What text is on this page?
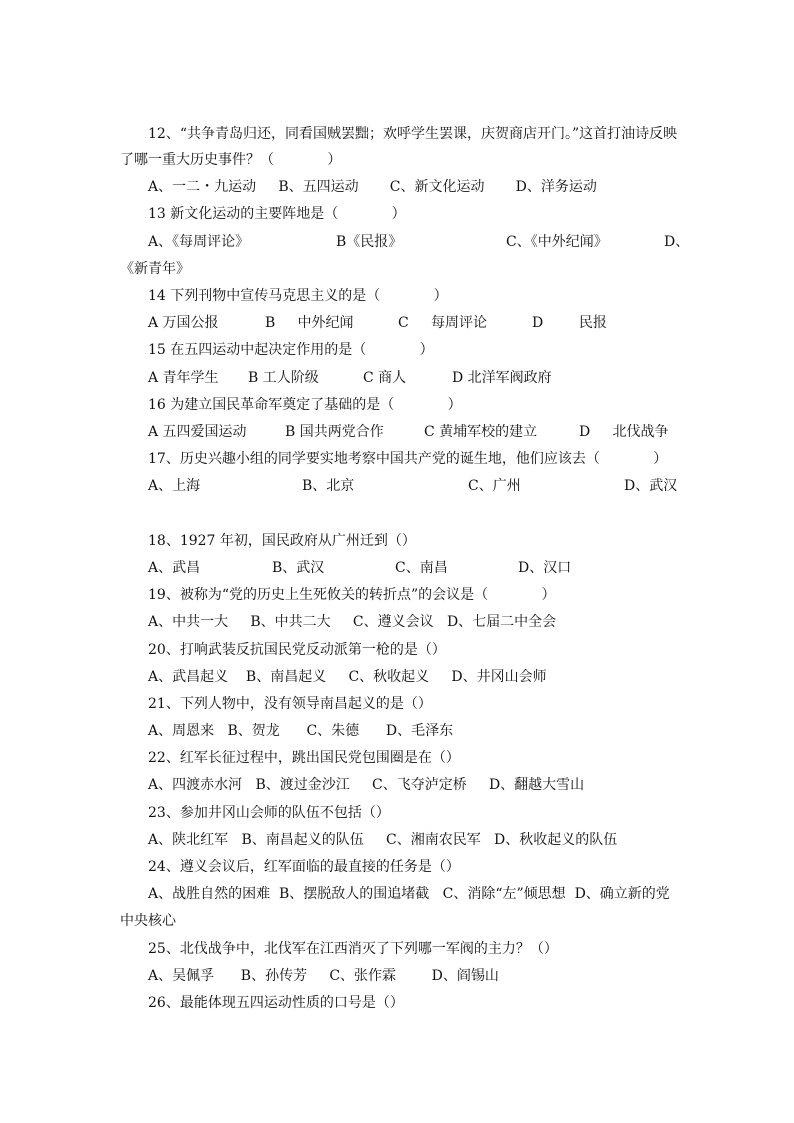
12、“共争青岛归还，同看国贼罢黜；欢呼学生罢课，庆贺商店开门。”这首打油诗反映
了哪一重大历史事件？（            ）
A、一二・九运动     B、五四运动       C、新文化运动       D、洋务运动
13 新文化运动的主要阵地是（            ）
A、《每周评论》	B《民报》	C、《中外纪闻》	D、
《新青年》
14 下列刊物中宣传马克思主义的是（            ）
A 万国公报	B     中外纪闻	C     每周评论	D        民报
15 在五四运动中起决定作用的是（            ）
A 青年学生 B 工人阶级	C 商人	D 北洋军阀政府
16 为建立国民革命军奠定了基础的是（            ）
A 五四爱国运动	B 国共两党合作	C 黄埔军校的建立	D     北伐战争
17、历史兴趣小组的同学要实地考察中国共产党的诞生地，他们应该去（            ）
A、上海	B、北京	C、广州	D、武汉
18、1927 年初，国民政府从广州迁到（）
A、武昌	B、武汉	C、南昌	D、汉口
19、被称为“党的历史上生死攸关的转折点”的会议是（            ）
A、中共一大     B、中共二大     C、遵义会议   D、七届二中全会
20、打响武装反抗国民党反动派第一枪的是（）
A、武昌起义    B、南昌起义     C、秋收起义     D、井冈山会师
21、下列人物中，没有领导南昌起义的是（）
A、周恩来   B、贺龙      C、朱德      D、毛泽东
22、红军长征过程中，跳出国民党包围圈是在（）
A、四渡赤水河   B、渡过金沙江     C、飞夺泸定桥     D、翻越大雪山
23、参加井冈山会师的队伍不包括（）
A、陕北红军   B、南昌起义的队伍     C、湘南农民军   D、秋收起义的队伍
24、遵义会议后，红军面临的最直接的任务是（）
A、战胜自然的困难  B、摆脱敌人的围追堵截   C、消除“左”倾思想  D、确立新的党
中央核心
25、北伐战争中，北伐军在江西消灭了下列哪一军阀的主力？（）
A、吴佩孚      B、孙传芳     C、张作霖        D、阎锡山
26、最能体现五四运动性质的口号是（）
